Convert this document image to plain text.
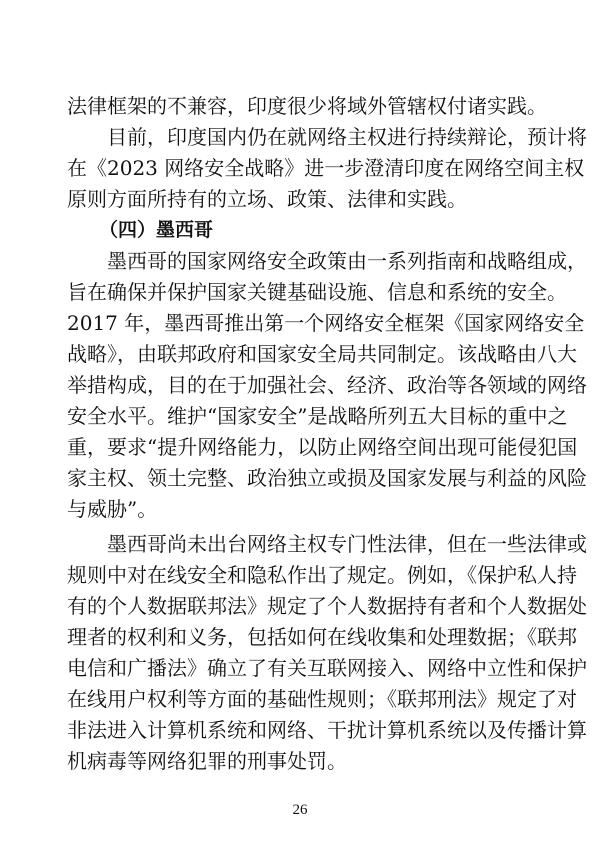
法律框架的不兼容，印度很少将域外管辖权付诸实践。
目前，印度国内仍在就网络主权进行持续辩论，预计将
在《2023 网络安全战略》进一步澄清印度在网络空间主权
原则方面所持有的立场、政策、法律和实践。
（四）墨西哥
墨西哥的国家网络安全政策由一系列指南和战略组成，
旨在确保并保护国家关键基础设施、信息和系统的安全。
2017 年，墨西哥推出第一个网络安全框架《国家网络安全
战略》，由联邦政府和国家安全局共同制定。该战略由八大
举措构成，目的在于加强社会、经济、政治等各领域的网络
安全水平。维护“国家安全”是战略所列五大目标的重中之
重，要求“提升网络能力，以防止网络空间出现可能侵犯国
家主权、领土完整、政治独立或损及国家发展与利益的风险
与威胁”。
墨西哥尚未出台网络主权专门性法律，但在一些法律或
规则中对在线安全和隐私作出了规定。例如，《保护私人持
有的个人数据联邦法》规定了个人数据持有者和个人数据处
理者的权利和义务，包括如何在线收集和处理数据；《联邦
电信和广播法》确立了有关互联网接入、网络中立性和保护
在线用户权利等方面的基础性规则；《联邦刑法》规定了对
非法进入计算机系统和网络、干扰计算机系统以及传播计算
机病毒等网络犯罪的刑事处罚。
26
